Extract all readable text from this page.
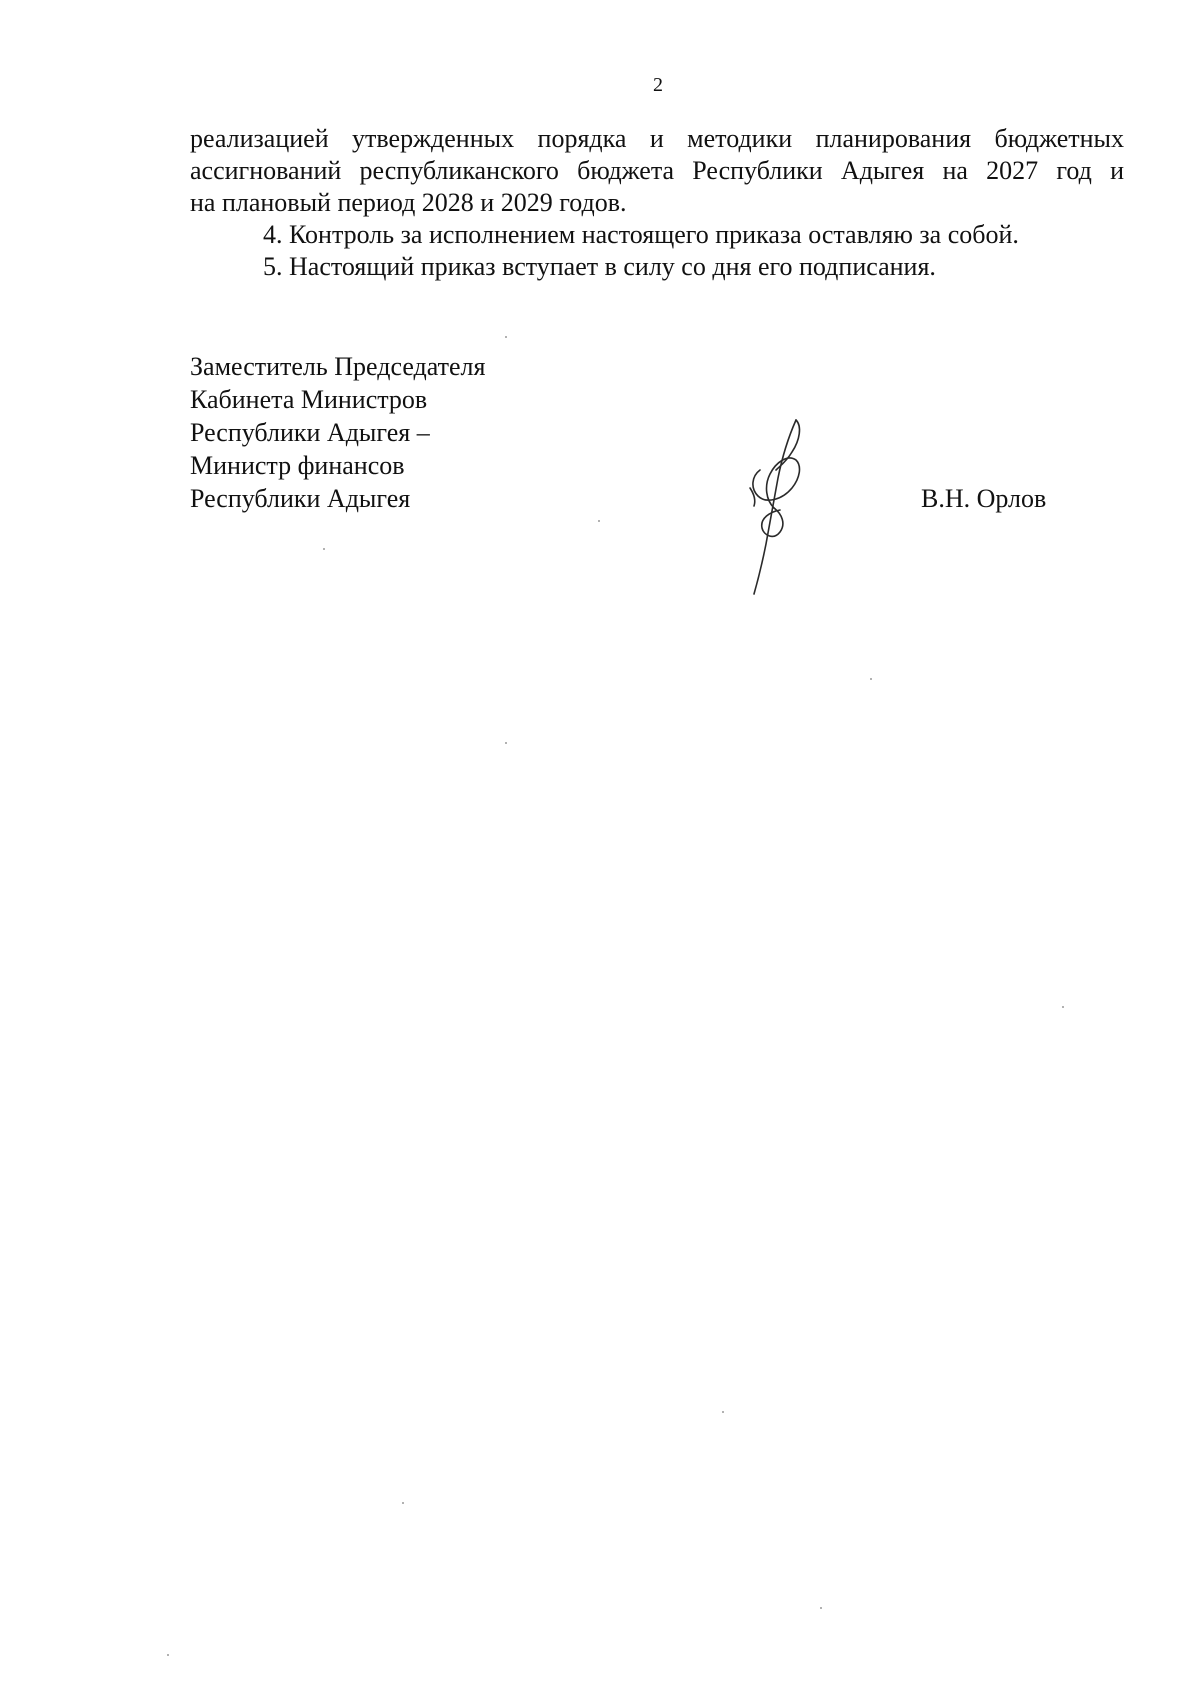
2

реализацией утвержденных порядка и методики планирования бюджетных
ассигнований республиканского бюджета Республики Адыгея на 2027 год и
на плановый период 2028 и 2029 годов.

4. Контроль за исполнением настоящего приказа оставляю за собой.

5. Настоящий приказ вступает в силу со дня его подписания.

Заместитель Председателя
Кабинета Министров
Республики Адыгея –
Министр финансов
Республики Адыгея	В.Н. Орлов
